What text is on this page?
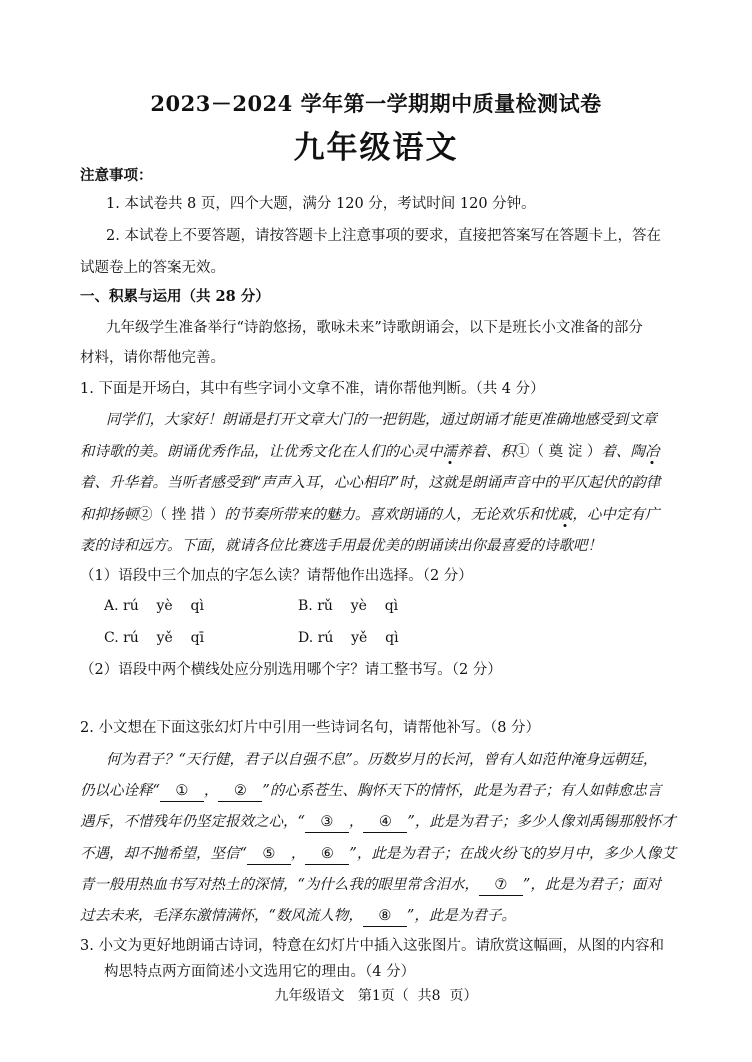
2023－2024 学年第一学期期中质量检测试卷
九年级语文
注意事项：
1. 本试卷共 8 页，四个大题，满分 120 分，考试时间 120 分钟。
2. 本试卷上不要答题，请按答题卡上注意事项的要求，直接把答案写在答题卡上，答在
试题卷上的答案无效。
一、积累与运用（共 28 分）
九年级学生准备举行“诗韵悠扬，歌咏未来”诗歌朗诵会，以下是班长小文准备的部分
材料，请你帮他完善。
1. 下面是开场白，其中有些字词小文拿不准，请你帮他判断。（共 4 分）
同学们，大家好！朗诵是打开文章大门的一把钥匙，通过朗诵才能更准确地感受到文章
和诗歌的美。朗诵优秀作品，让优秀文化在人们的心灵中濡养着、积①（ 奠 淀 ）着、陶冶
着、升华着。当听者感受到“声声入耳，心心相印”时，这就是朗诵声音中的平仄起伏的韵律
和抑扬顿②（ 挫 措 ）的节奏所带来的魅力。喜欢朗诵的人，无论欢乐和忧戚，心中定有广
袤的诗和远方。下面，就请各位比赛选手用最优美的朗诵读出你最喜爱的诗歌吧！
（1）语段中三个加点的字怎么读？请帮他作出选择。（2 分）
A. rú    yè    qì	B. rǔ    yè    qì
C. rú    yě    qī	D. rú    yě    qì
（2）语段中两个横线处应分别选用哪个字？请工整书写。（2 分）
2. 小文想在下面这张幻灯片中引用一些诗词名句，请帮他补写。（8 分）
何为君子？“天行健，君子以自强不息”。历数岁月的长河，曾有人如范仲淹身远朝廷，
仍以心诠释“ ① ， ② ”的心系苍生、胸怀天下的情怀，此是为君子；有人如韩愈忠言
遇斥，不惜残年仍坚定报效之心，“ ③ ， ④ ”，此是为君子；多少人像刘禹锡那般怀才
不遇，却不抛希望，坚信“ ⑤ ， ⑥ ”，此是为君子；在战火纷飞的岁月中，多少人像艾
青一般用热血书写对热土的深情，“为什么我的眼里常含泪水， ⑦ ”，此是为君子；面对
过去未来，毛泽东激情满怀，“数风流人物， ⑧ ”，此是为君子。
3. 小文为更好地朗诵古诗词，特意在幻灯片中插入这张图片。请欣赏这幅画，从图的内容和
构思特点两方面简述小文选用它的理由。（4 分）
九年级语文   第1页（  共8  页）
